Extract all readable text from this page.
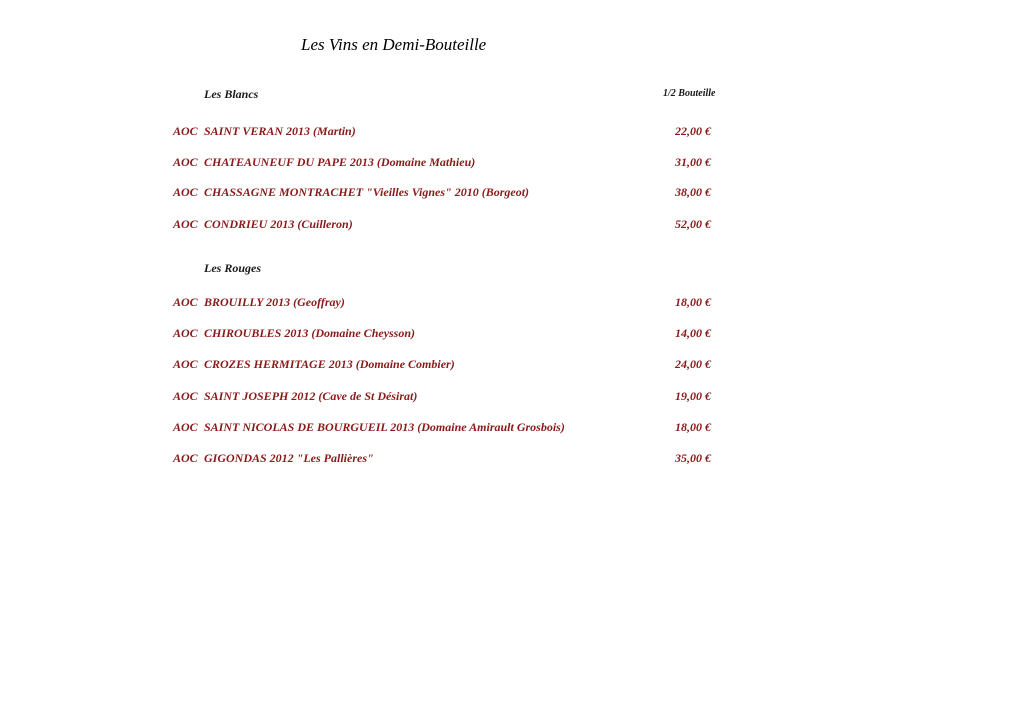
Les Vins en Demi-Bouteille
Les Blancs	1/2 Bouteille
AOC SAINT VERAN 2013 (Martin)	22,00 €
AOC CHATEAUNEUF DU PAPE 2013 (Domaine Mathieu)	31,00 €
AOC CHASSAGNE MONTRACHET "Vieilles Vignes" 2010 (Borgeot)	38,00 €
AOC CONDRIEU 2013 (Cuilleron)	52,00 €
Les Rouges
AOC BROUILLY 2013 (Geoffray)	18,00 €
AOC CHIROUBLES 2013 (Domaine Cheysson)	14,00 €
AOC CROZES HERMITAGE 2013 (Domaine Combier)	24,00 €
AOC SAINT JOSEPH 2012 (Cave de St Désirat)	19,00 €
AOC SAINT NICOLAS DE BOURGUEIL 2013 (Domaine Amirault Grosbois)	18,00 €
AOC GIGONDAS 2012 "Les Pallières"	35,00 €
